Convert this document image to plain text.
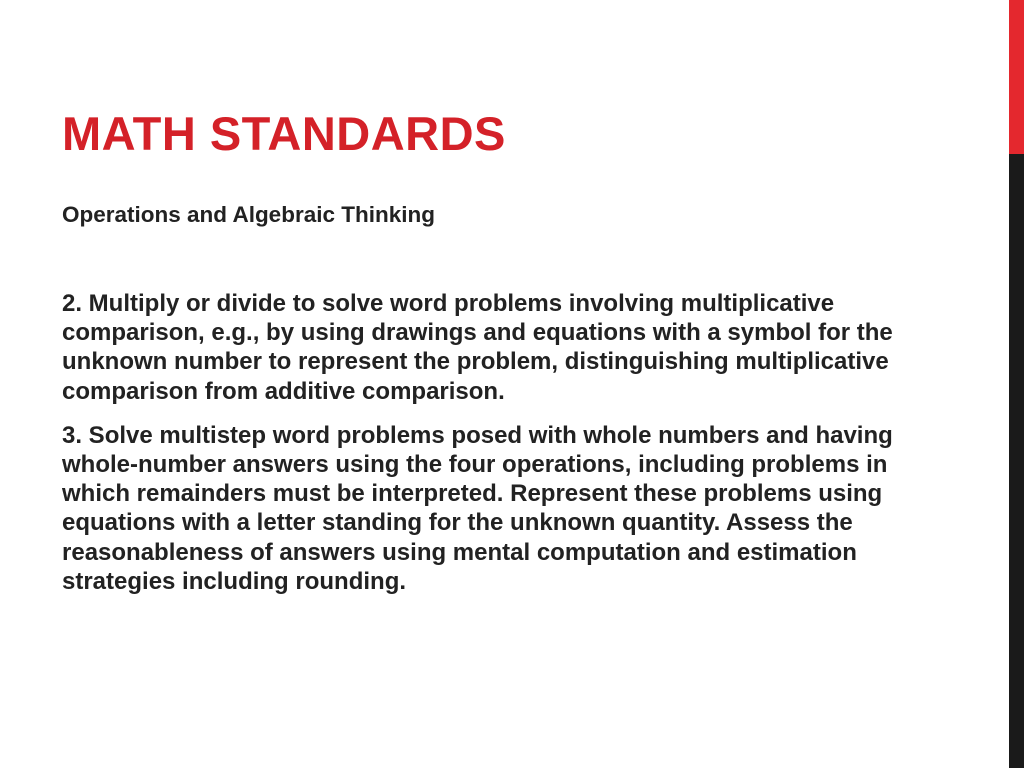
MATH STANDARDS

Operations and Algebraic Thinking

2. Multiply or divide to solve word problems involving multiplicative comparison, e.g., by using drawings and equations with a symbol for the unknown number to represent the problem, distinguishing multiplicative comparison from additive comparison.

3. Solve multistep word problems posed with whole numbers and having whole-number answers using the four operations, including problems in which remainders must be interpreted. Represent these problems using equations with a letter standing for the unknown quantity. Assess the reasonableness of answers using mental computation and estimation strategies including rounding.
